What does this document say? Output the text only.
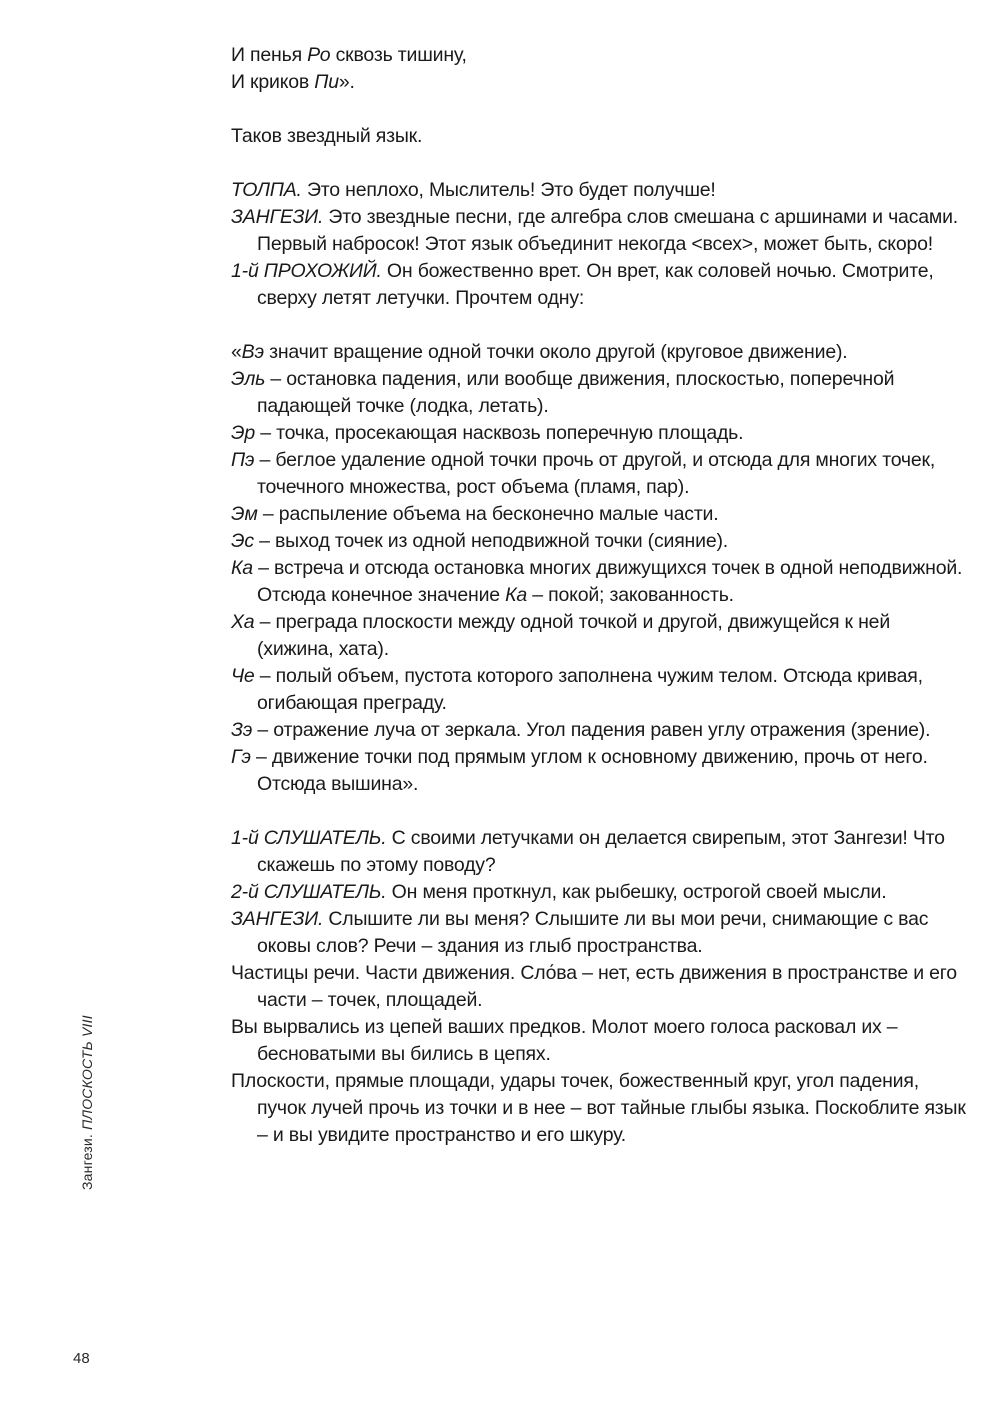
И пенья Ро сквозь тишину,

И криков Пи».

Таков звездный язык.

ТОЛПА. Это неплохо, Мыслитель! Это будет получше!

ЗАНГЕЗИ. Это звездные песни, где алгебра слов смешана с аршинами и часами. Первый набросок! Этот язык объединит некогда <всех>, может быть, скоро!

1-й ПРОХОЖИЙ. Он божественно врет. Он врет, как соловей ночью. Смотрите, сверху летят летучки. Прочтем одну:

«Вэ значит вращение одной точки около другой (круговое движение).

Эль – остановка падения, или вообще движения, плоскостью, поперечной падающей точке (лодка, летать).

Эр – точка, просекающая насквозь поперечную площадь.

Пэ – беглое удаление одной точки прочь от другой, и отсюда для многих точек, точечного множества, рост объема (пламя, пар).

Эм – распыление объема на бесконечно малые части.

Эс – выход точек из одной неподвижной точки (сияние).

Ка – встреча и отсюда остановка многих движущихся точек в одной неподвижной. Отсюда конечное значение Ка – покой; закованность.

Ха – преграда плоскости между одной точкой и другой, движущейся к ней (хижина, хата).

Че – полый объем, пустота которого заполнена чужим телом. Отсюда кривая, огибающая преграду.

Зэ – отражение луча от зеркала. Угол падения равен углу отражения (зрение).

Гэ – движение точки под прямым углом к основному движению, прочь от него. Отсюда вышина».

1-й СЛУШАТЕЛЬ. С своими летучками он делается свирепым, этот Зангези! Что скажешь по этому поводу?

2-й СЛУШАТЕЛЬ. Он меня проткнул, как рыбешку, острогой своей мысли.

ЗАНГЕЗИ. Слышите ли вы меня? Слышите ли вы мои речи, снимающие с вас оковы слов? Речи – здания из глыб пространства.

Частицы речи. Части движения. Сло́ва – нет, есть движения в пространстве и его части – точек, площадей.

Вы вырвались из цепей ваших предков. Молот моего голоса расковал их – бесноватыми вы бились в цепях.

Плоскости, прямые площади, удары точек, божественный круг, угол падения, пучок лучей прочь из точки и в нее – вот тайные глыбы языка. Поскоблите язык – и вы увидите пространство и его шкуру.

Зангези. ПЛОСКОСТЬ VIII
48
